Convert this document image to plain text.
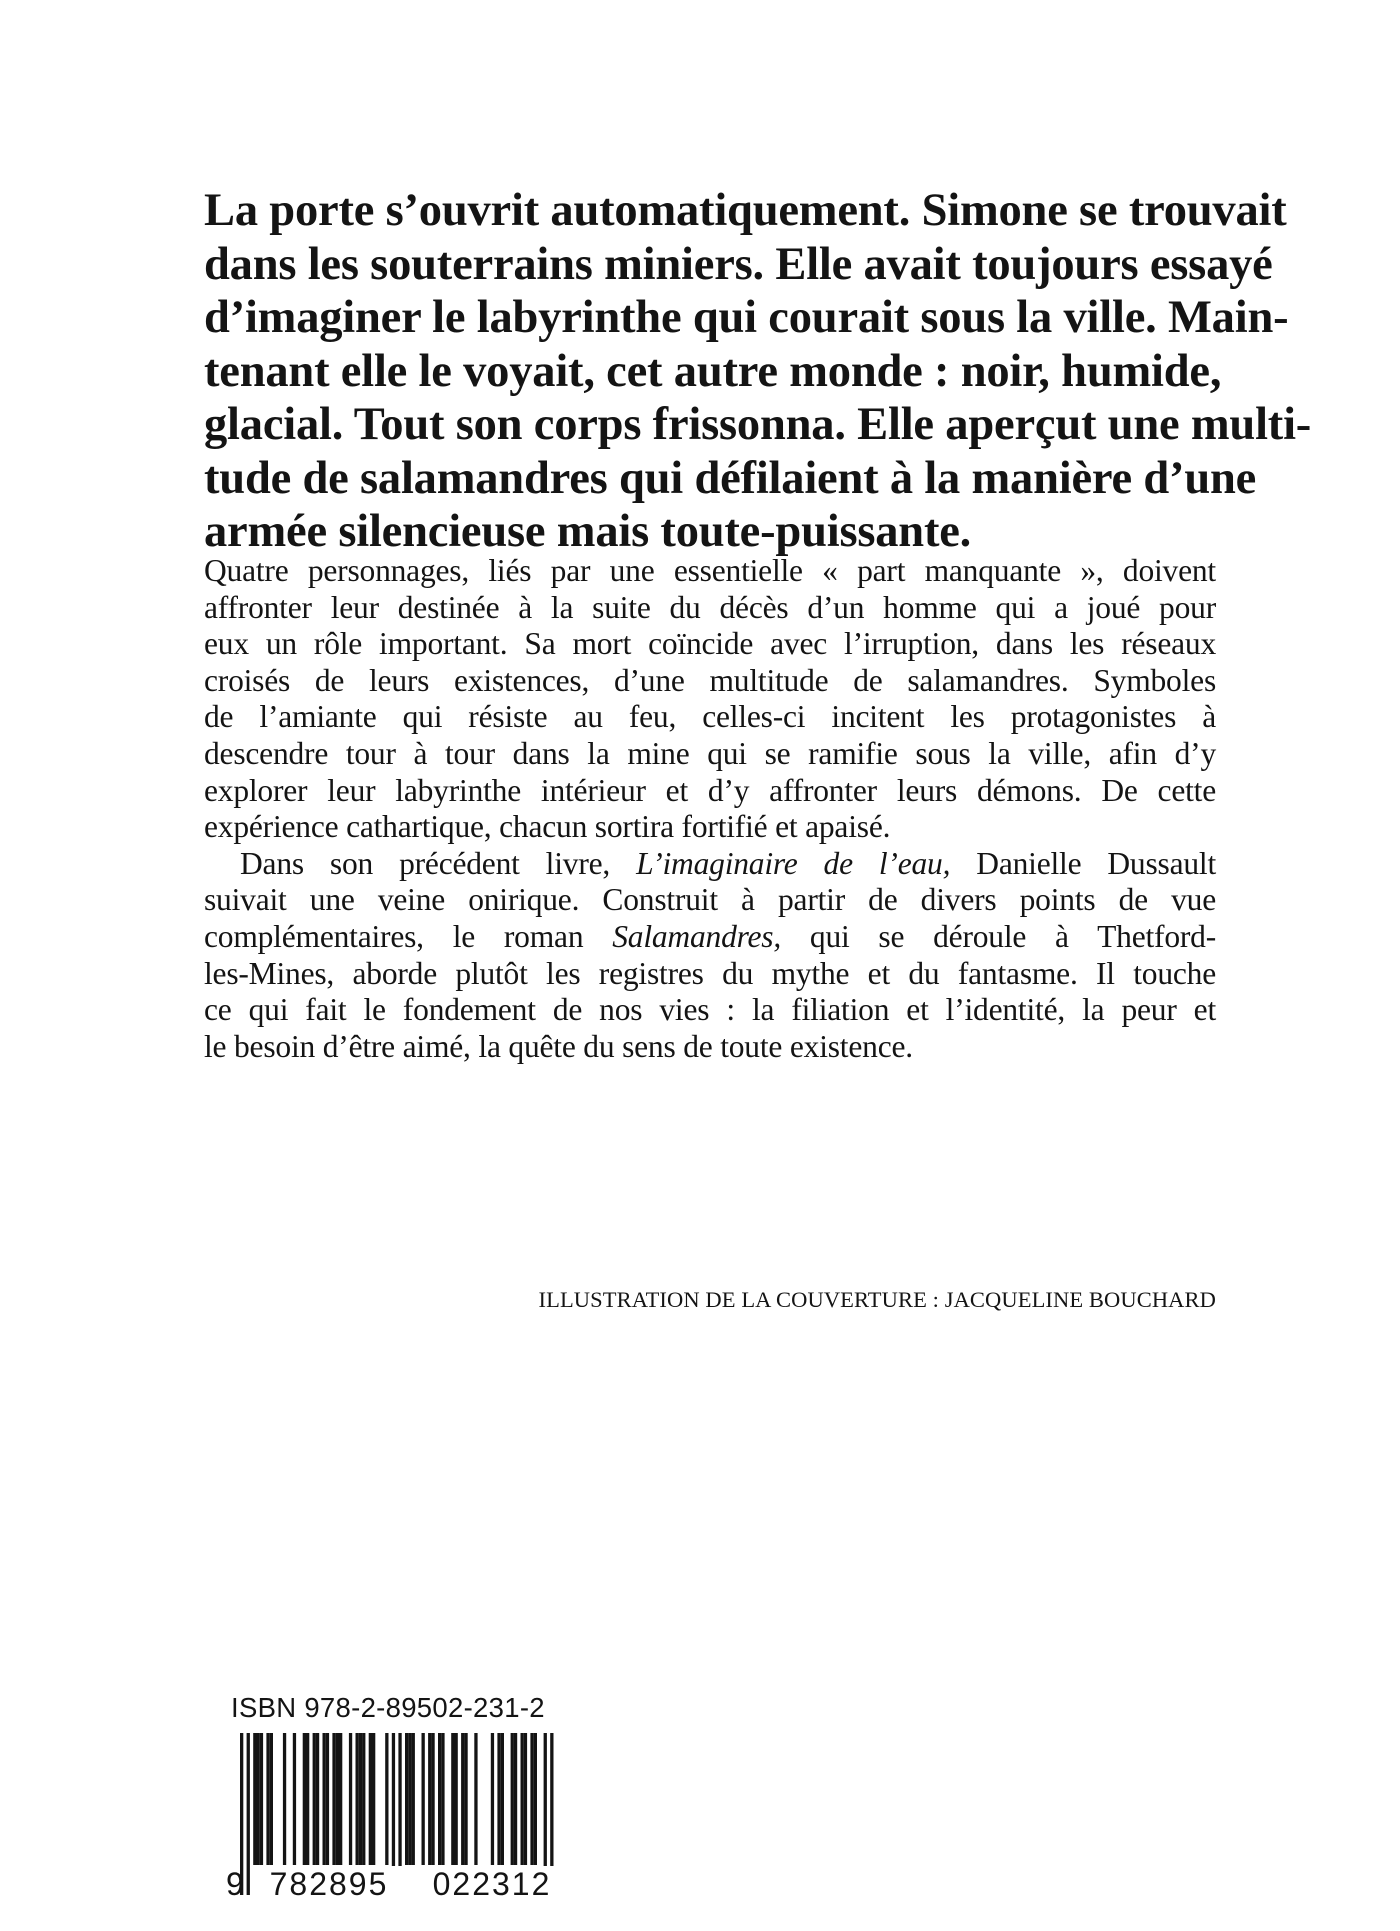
La porte s’ouvrit automatiquement. Simone se trouvait
dans les souterrains miniers. Elle avait toujours essayé
d’imaginer le labyrinthe qui courait sous la ville. Main-
tenant elle le voyait, cet autre monde : noir, humide,
glacial. Tout son corps frissonna. Elle aperçut une multi-
tude de salamandres qui défilaient à la manière d’une
armée silencieuse mais toute-puissante.
Quatre personnages, liés par une essentielle « part manquante », doivent
affronter leur destinée à la suite du décès d’un homme qui a joué pour
eux un rôle important. Sa mort coïncide avec l’irruption, dans les réseaux
croisés de leurs existences, d’une multitude de salamandres. Symboles
de l’amiante qui résiste au feu, celles-ci incitent les protagonistes à
descendre tour à tour dans la mine qui se ramifie sous la ville, afin d’y
explorer leur labyrinthe intérieur et d’y affronter leurs démons. De cette
expérience cathartique, chacun sortira fortifié et apaisé.
Dans son précédent livre, L’imaginaire de l’eau, Danielle Dussault
suivait une veine onirique. Construit à partir de divers points de vue
complémentaires, le roman Salamandres, qui se déroule à Thetford-
les-Mines, aborde plutôt les registres du mythe et du fantasme. Il touche
ce qui fait le fondement de nos vies : la filiation et l’identité, la peur et
le besoin d’être aimé, la quête du sens de toute existence.
ILLUSTRATION DE LA COUVERTURE : JACQUELINE BOUCHARD
ISBN 978-2-89502-231-2
9 782895	022312
